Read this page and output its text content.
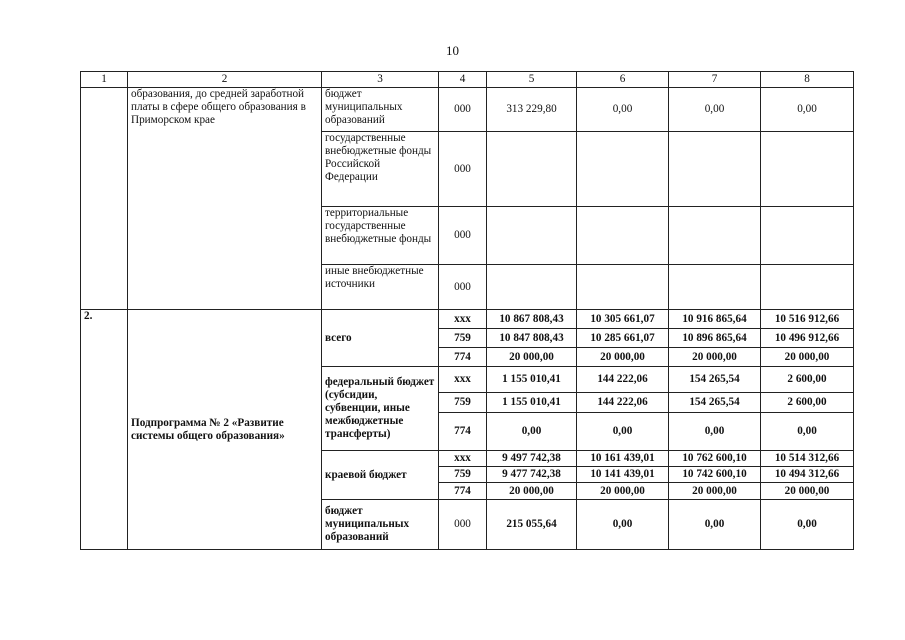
10
1	2	3	4	5	6	7	8
	образования, до средней заработной платы в сфере общего образования в Приморском крае	бюджет муниципальных образований	000	313 229,80	0,00	0,00	0,00
		государственные внебюджетные фонды Российской Федерации	000				
		территориальные государственные внебюджетные фонды	000				
		иные внебюджетные источники	000				
2.	Подпрограмма № 2 «Развитие системы общего образования»	всего	xxx	10 867 808,43	10 305 661,07	10 916 865,64	10 516 912,66
			759	10 847 808,43	10 285 661,07	10 896 865,64	10 496 912,66
			774	20 000,00	20 000,00	20 000,00	20 000,00
		федеральный бюджет (субсидии, субвенции, иные межбюджетные трансферты)	xxx	1 155 010,41	144 222,06	154 265,54	2 600,00
			759	1 155 010,41	144 222,06	154 265,54	2 600,00
			774	0,00	0,00	0,00	0,00
		краевой бюджет	xxx	9 497 742,38	10 161 439,01	10 762 600,10	10 514 312,66
			759	9 477 742,38	10 141 439,01	10 742 600,10	10 494 312,66
			774	20 000,00	20 000,00	20 000,00	20 000,00
		бюджет муниципальных образований	000	215 055,64	0,00	0,00	0,00
